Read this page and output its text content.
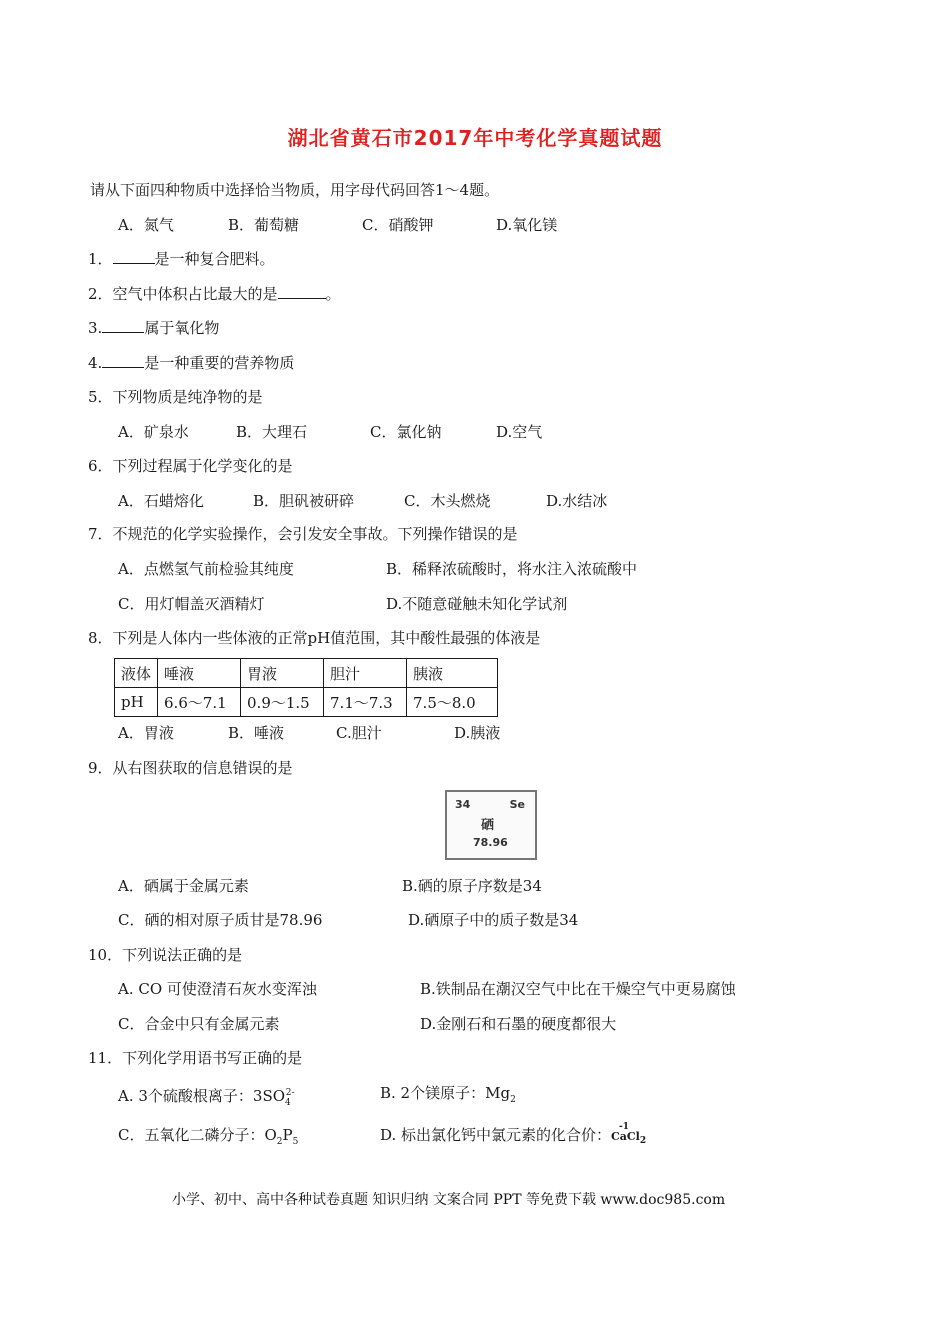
湖北省黄石市2017年中考化学真题试题
请从下面四种物质中选择恰当物质，用字母代码回答1～4题。
A．氮气	B．葡萄糖	C．硝酸钾	D.氧化镁
1．	是一种复合肥料。
2．空气中体积占比最大的是	。
3.	属于氧化物
4.	是一种重要的营养物质
5．下列物质是纯净物的是
A．矿泉水	B．大理石	C．氯化钠	D.空气
6．下列过程属于化学变化的是
A．石蜡熔化	B．胆矾被研碎	C．木头燃烧	D.水结冰
7．不规范的化学实验操作，会引发安全事故。下列操作错误的是
A．点燃氢气前检验其纯度	B．稀释浓硫酸时，将水注入浓硫酸中
C．用灯帽盖灭酒精灯	D.不随意碰触未知化学试剂
8．下列是人体内一些体液的正常pH值范围，其中酸性最强的体液是
液体	唾液	胃液	胆汁	胰液
pH	6.6～7.1	0.9～1.5	7.1～7.3	7.5～8.0
A．胃液	B．唾液	C.胆汁	D.胰液
9．从右图获取的信息错误的是
34	Se
硒
78.96
A．硒属于金属元素	B.硒的原子序数是34
C．硒的相对原子质甘是78.96	D.硒原子中的质子数是34
10．下列说法正确的是
A. CO 可使澄清石灰水变浑浊	B.铁制品在潮汉空气中比在干燥空气中更易腐蚀
C．合金中只有金属元素	D.金刚石和石墨的硬度都很大
11．下列化学用语书写正确的是
A. 3个硫酸根离子：$3SO_4^{2-}$	B. 2个镁原子：$Mg_2$
C．五氧化二磷分子：$O_2P_5$	D. 标出氯化钙中氯元素的化合价： -1
CaCl$_2$
小学、初中、高中各种试卷真题 知识归纳 文案合同 PPT 等免费下载 www.doc985.com
